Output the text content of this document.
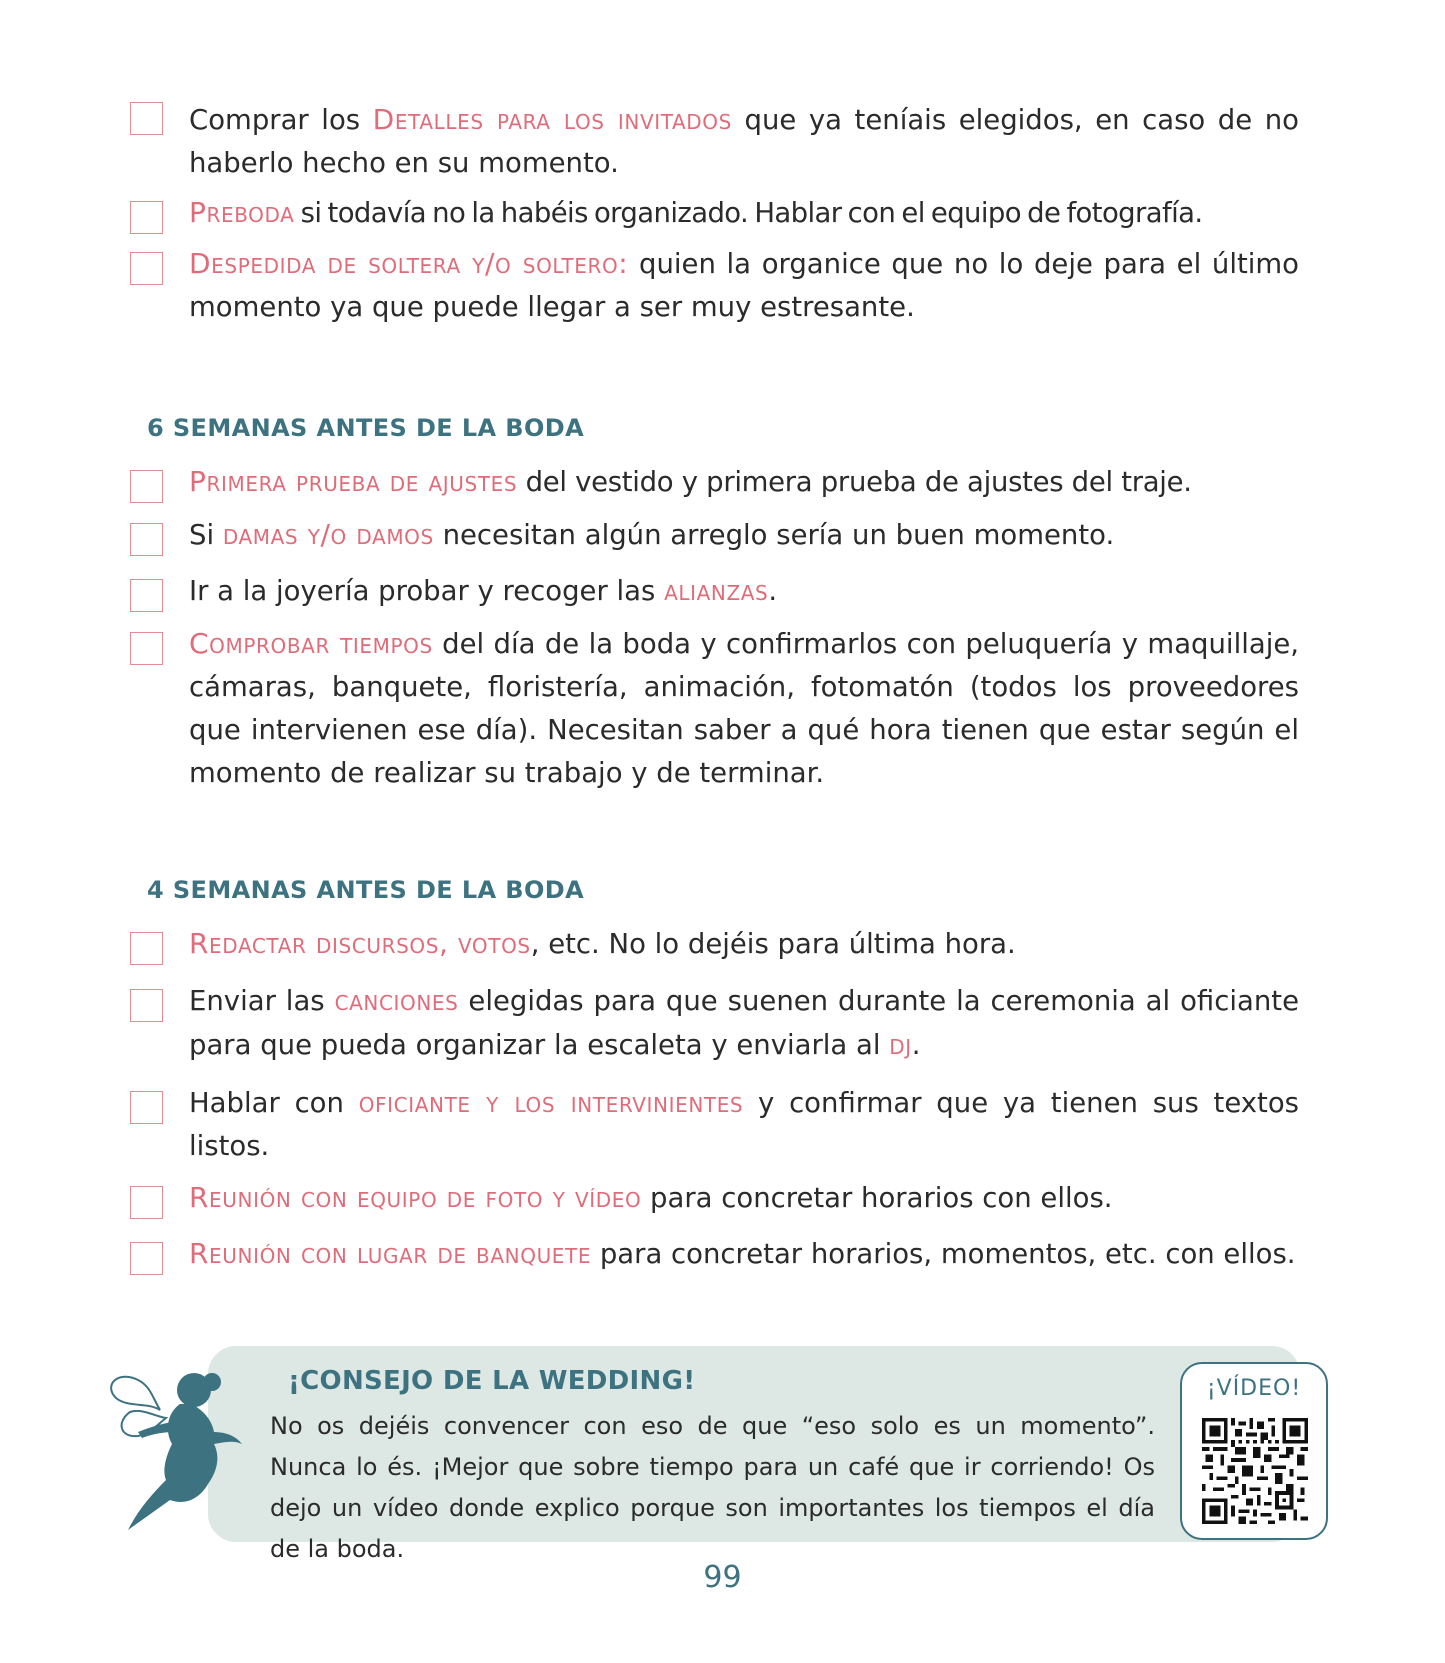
Comprar los Detalles para los invitados que ya teníais elegidos, en caso de no haberlo hecho en su momento.
Preboda si todavía no la habéis organizado. Hablar con el equipo de fotografía.
Despedida de soltera y/o soltero: quien la organice que no lo deje para el último momento ya que puede llegar a ser muy estresante.
6 SEMANAS ANTES DE LA BODA
Primera prueba de ajustes del vestido y primera prueba de ajustes del traje.
Si damas y/o damos necesitan algún arreglo sería un buen momento.
Ir a la joyería probar y recoger las alianzas.
Comprobar tiempos del día de la boda y confirmarlos con peluquería y maquillaje, cámaras, banquete, floristería, animación, fotomatón (todos los proveedores que intervienen ese día). Necesitan saber a qué hora tienen que estar según el momento de realizar su trabajo y de terminar.
4 SEMANAS ANTES DE LA BODA
Redactar discursos, votos, etc. No lo dejéis para última hora.
Enviar las canciones elegidas para que suenen durante la ceremonia al oficiante para que pueda organizar la escaleta y enviarla al dj.
Hablar con oficiante y los intervinientes y confirmar que ya tienen sus textos listos.
Reunión con equipo de foto y vídeo para concretar horarios con ellos.
Reunión con lugar de banquete para concretar horarios, momentos, etc. con ellos.
¡CONSEJO DE LA WEDDING!
No os dejéis convencer con eso de que “eso solo es un momento”. Nunca lo és. ¡Mejor que sobre tiempo para un café que ir corriendo! Os dejo un vídeo donde explico porque son importantes los tiempos el día de la boda.
¡VÍDEO!
99
